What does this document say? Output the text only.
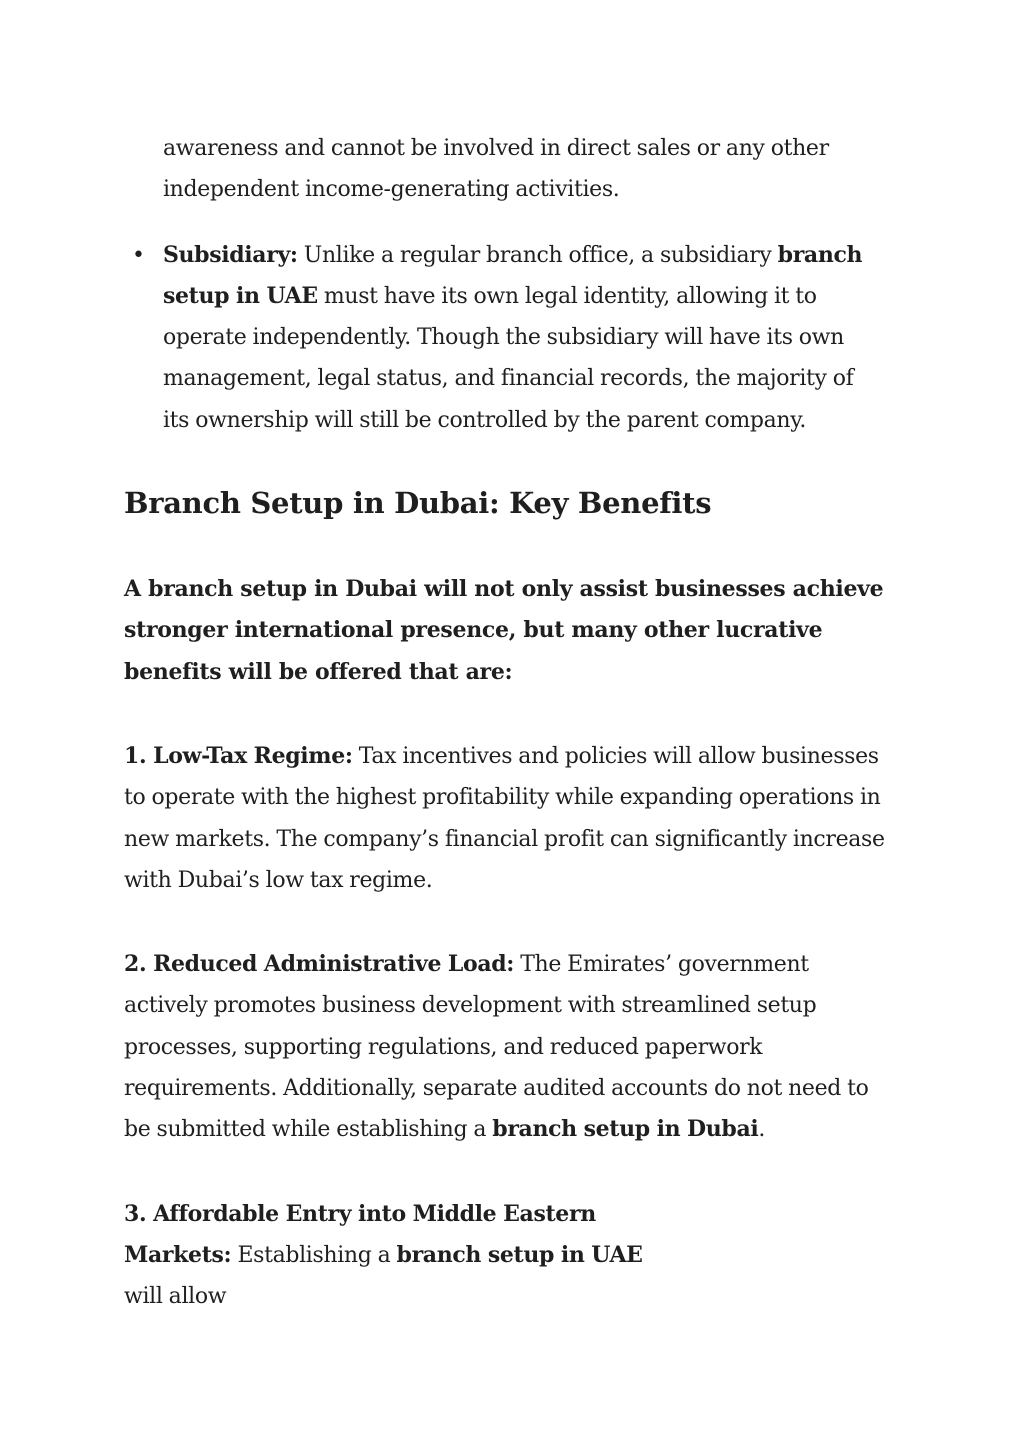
awareness and cannot be involved in direct sales or any other independent income-generating activities.

• Subsidiary: Unlike a regular branch office, a subsidiary branch setup in UAE must have its own legal identity, allowing it to operate independently. Though the subsidiary will have its own management, legal status, and financial records, the majority of its ownership will still be controlled by the parent company.

Branch Setup in Dubai: Key Benefits

A branch setup in Dubai will not only assist businesses achieve stronger international presence, but many other lucrative benefits will be offered that are:

1. Low-Tax Regime: Tax incentives and policies will allow businesses to operate with the highest profitability while expanding operations in new markets. The company’s financial profit can significantly increase with Dubai’s low tax regime.

2. Reduced Administrative Load: The Emirates’ government actively promotes business development with streamlined setup processes, supporting regulations, and reduced paperwork requirements. Additionally, separate audited accounts do not need to be submitted while establishing a branch setup in Dubai.

3. Affordable Entry into Middle Eastern Markets: Establishing a branch setup in UAE will allow
